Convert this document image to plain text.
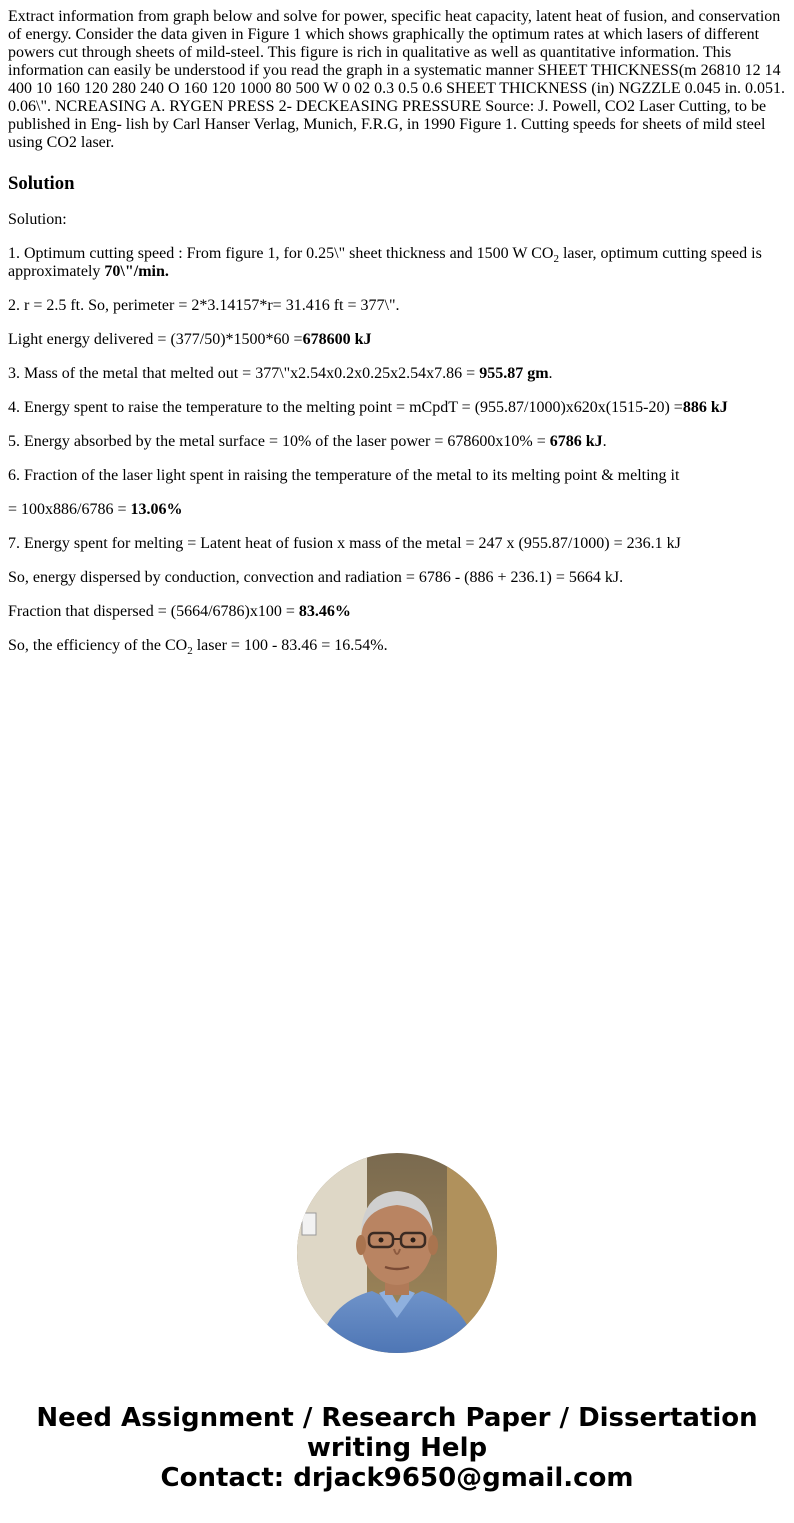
Extract information from graph below and solve for power, specific heat capacity, latent heat of fusion, and conservation of energy. Consider the data given in Figure 1 which shows graphically the optimum rates at which lasers of different powers cut through sheets of mild-steel. This figure is rich in qualitative as well as quantitative information. This information can easily be understood if you read the graph in a systematic manner SHEET THICKNESS(m 26810 12 14 400 10 160 120 280 240 O 160 120 1000 80 500 W 0 02 0.3 0.5 0.6 SHEET THICKNESS (in) NGZZLE 0.045 in. 0.051. 0.06\". NCREASING A. RYGEN PRESS 2- DECKEASING PRESSURE Source: J. Powell, CO2 Laser Cutting, to be published in Eng- lish by Carl Hanser Verlag, Munich, F.R.G, in 1990 Figure 1. Cutting speeds for sheets of mild steel using CO2 laser.

Solution

Solution:

1. Optimum cutting speed : From figure 1, for 0.25\" sheet thickness and 1500 W $CO_2$ laser, optimum cutting speed is approximately 70\"/min.

2. r = 2.5 ft. So, perimeter = 2*3.14157*r= 31.416 ft = 377\".

Light energy delivered = (377/50)*1500*60 =678600 kJ

3. Mass of the metal that melted out = 377\"x2.54x0.2x0.25x2.54x7.86 = 955.87 gm.

4. Energy spent to raise the temperature to the melting point = mCpdT = (955.87/1000)x620x(1515-20) =886 kJ

5. Energy absorbed by the metal surface = 10% of the laser power = 678600x10% = 6786 kJ.

6. Fraction of the laser light spent in raising the temperature of the metal to its melting point & melting it

= 100x886/6786 = 13.06%

7. Energy spent for melting = Latent heat of fusion x mass of the metal = 247 x (955.87/1000) = 236.1 kJ

So, energy dispersed by conduction, convection and radiation = 6786 - (886 + 236.1) = 5664 kJ.

Fraction that dispersed = (5664/6786)x100 = 83.46%

So, the efficiency of the $CO_2$ laser = 100 - 83.46 = 16.54%.

Need Assignment / Research Paper / Dissertation
writing Help
Contact: drjack9650@gmail.com
